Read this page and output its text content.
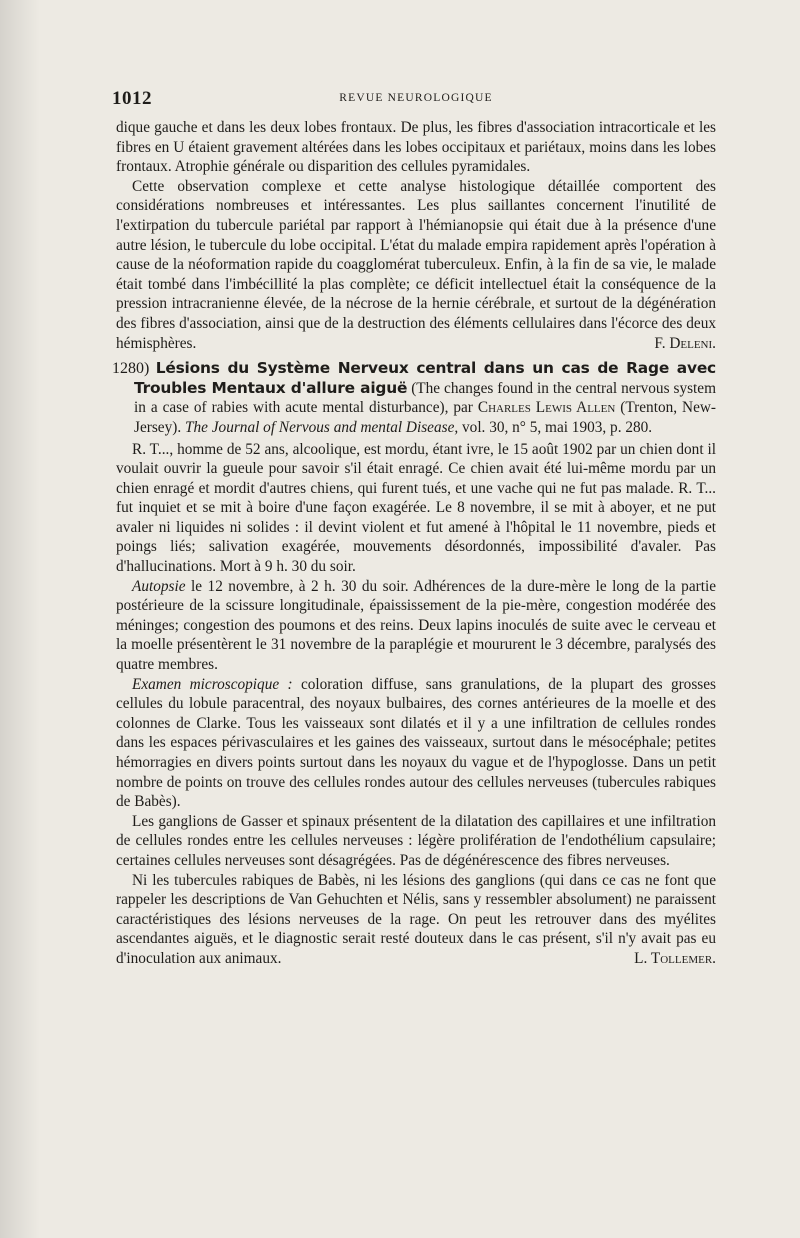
1012	REVUE NEUROLOGIQUE

dique gauche et dans les deux lobes frontaux. De plus, les fibres d'association intracorticale et les fibres en U étaient gravement altérées dans les lobes occipitaux et pariétaux, moins dans les lobes frontaux. Atrophie générale ou disparition des cellules pyramidales.

Cette observation complexe et cette analyse histologique détaillée comportent des considérations nombreuses et intéressantes. Les plus saillantes concernent l'inutilité de l'extirpation du tubercule pariétal par rapport à l'hémianopsie qui était due à la présence d'une autre lésion, le tubercule du lobe occipital. L'état du malade empira rapidement après l'opération à cause de la néoformation rapide du coagglomérat tuberculeux. Enfin, à la fin de sa vie, le malade était tombé dans l'imbécillité la plas complète; ce déficit intellectuel était la conséquence de la pression intracranienne élevée, de la nécrose de la hernie cérébrale, et surtout de la dégénération des fibres d'association, ainsi que de la destruction des éléments cellulaires dans l'écorce des deux hémisphères.	F. Deleni.

1280) Lésions du Système Nerveux central dans un cas de Rage avec Troubles Mentaux d'allure aiguë (The changes found in the central nervous system in a case of rabies with acute mental disturbance), par Charles Lewis Allen (Trenton, New-Jersey). The Journal of Nervous and mental Disease, vol. 30, n° 5, mai 1903, p. 280.

R. T..., homme de 52 ans, alcoolique, est mordu, étant ivre, le 15 août 1902 par un chien dont il voulait ouvrir la gueule pour savoir s'il était enragé. Ce chien avait été lui-même mordu par un chien enragé et mordit d'autres chiens, qui furent tués, et une vache qui ne fut pas malade. R. T... fut inquiet et se mit à boire d'une façon exagérée. Le 8 novembre, il se mit à aboyer, et ne put avaler ni liquides ni solides : il devint violent et fut amené à l'hôpital le 11 novembre, pieds et poings liés; salivation exagérée, mouvements désordonnés, impossibilité d'avaler. Pas d'hallucinations. Mort à 9 h. 30 du soir.

Autopsie le 12 novembre, à 2 h. 30 du soir. Adhérences de la dure-mère le long de la partie postérieure de la scissure longitudinale, épaississement de la pie-mère, congestion modérée des méninges; congestion des poumons et des reins. Deux lapins inoculés de suite avec le cerveau et la moelle présentèrent le 31 novembre de la paraplégie et moururent le 3 décembre, paralysés des quatre membres.

Examen microscopique : coloration diffuse, sans granulations, de la plupart des grosses cellules du lobule paracentral, des noyaux bulbaires, des cornes antérieures de la moelle et des colonnes de Clarke. Tous les vaisseaux sont dilatés et il y a une infiltration de cellules rondes dans les espaces périvasculaires et les gaines des vaisseaux, surtout dans le mésocéphale; petites hémorragies en divers points surtout dans les noyaux du vague et de l'hypoglosse. Dans un petit nombre de points on trouve des cellules rondes autour des cellules nerveuses (tubercules rabiques de Babès).

Les ganglions de Gasser et spinaux présentent de la dilatation des capillaires et une infiltration de cellules rondes entre les cellules nerveuses : légère prolifération de l'endothélium capsulaire; certaines cellules nerveuses sont désagrégées. Pas de dégénérescence des fibres nerveuses.

Ni les tubercules rabiques de Babès, ni les lésions des ganglions (qui dans ce cas ne font que rappeler les descriptions de Van Gehuchten et Nélis, sans y ressembler absolument) ne paraissent caractéristiques des lésions nerveuses de la rage. On peut les retrouver dans des myélites ascendantes aiguës, et le diagnostic serait resté douteux dans le cas présent, s'il n'y avait pas eu d'inoculation aux animaux.	L. Tollemer.
